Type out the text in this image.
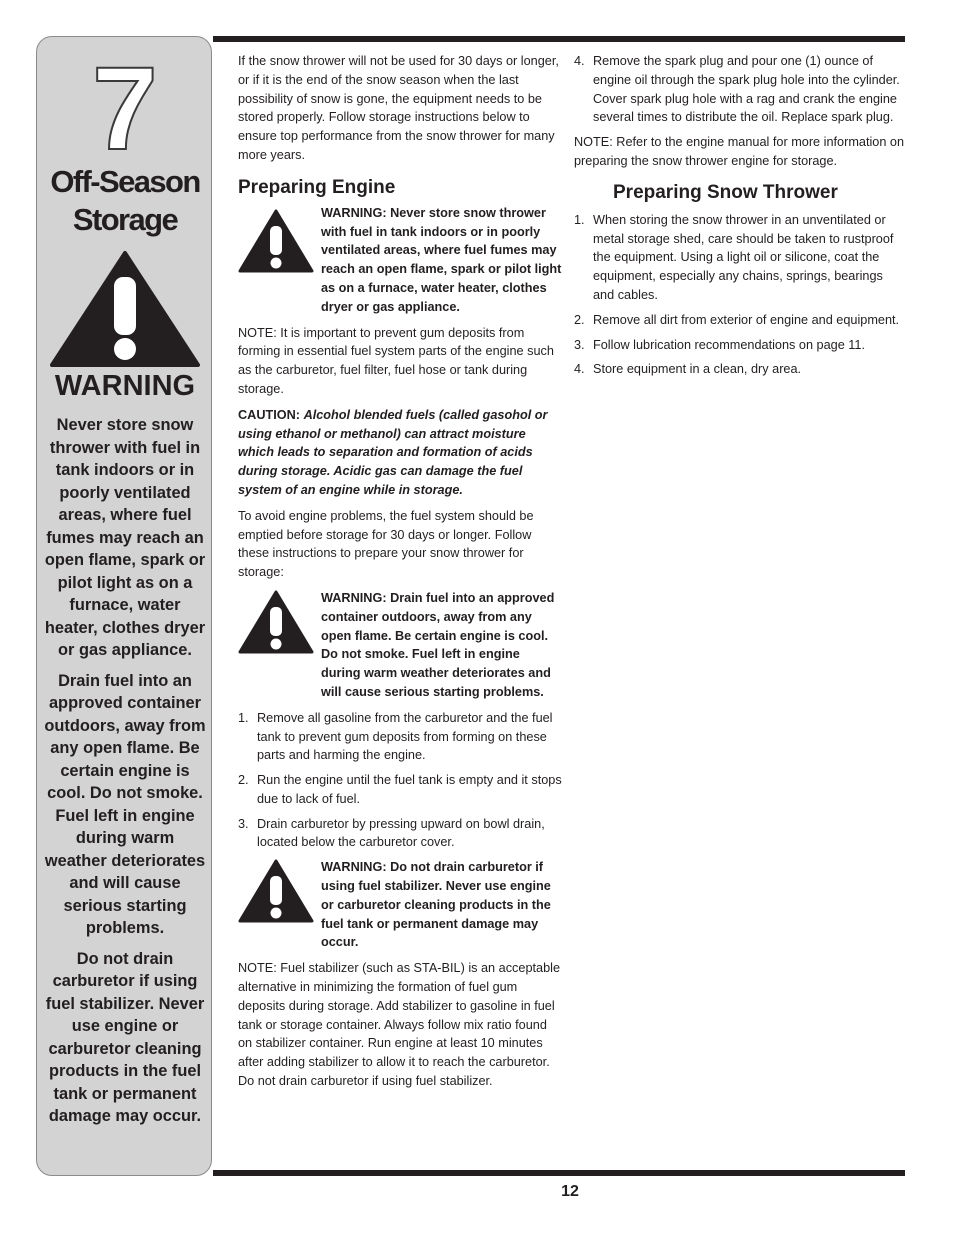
7
Off-Season
Storage
WARNING

Never store snow thrower with fuel in tank indoors or in poorly ventilated areas, where fuel fumes may reach an open flame, spark or pilot light as on a furnace, water heater, clothes dryer or gas appliance.

Drain fuel into an approved container outdoors, away from any open flame. Be certain engine is cool. Do not smoke. Fuel left in engine during warm weather deteriorates and will cause serious starting problems.

Do not drain carburetor if using fuel stabilizer. Never use engine or carburetor cleaning products in the fuel tank or permanent damage may occur.

If the snow thrower will not be used for 30 days or longer, or if it is the end of the snow season when the last possibility of snow is gone, the equipment needs to be stored properly. Follow storage instructions below to ensure top performance from the snow thrower for many more years.

Preparing Engine
WARNING: Never store snow thrower with fuel in tank indoors or in poorly ventilated areas, where fuel fumes may reach an open flame, spark or pilot light as on a furnace, water heater, clothes dryer or gas appliance.

NOTE: It is important to prevent gum deposits from forming in essential fuel system parts of the engine such as the carburetor, fuel filter, fuel hose or tank during storage.

CAUTION: Alcohol blended fuels (called gasohol or using ethanol or methanol) can attract moisture which leads to separation and formation of acids during storage. Acidic gas can damage the fuel system of an engine while in storage.

To avoid engine problems, the fuel system should be emptied before storage for 30 days or longer. Follow these instructions to prepare your snow thrower for storage:

WARNING: Drain fuel into an approved container outdoors, away from any open flame. Be certain engine is cool. Do not smoke. Fuel left in engine during warm weather deteriorates and will cause serious starting problems.
1. Remove all gasoline from the carburetor and the fuel tank to prevent gum deposits from forming on these parts and harming the engine.
2. Run the engine until the fuel tank is empty and it stops due to lack of fuel.
3. Drain carburetor by pressing upward on bowl drain, located below the carburetor cover.
WARNING: Do not drain carburetor if using fuel stabilizer. Never use engine or carburetor cleaning products in the fuel tank or permanent damage may occur.

NOTE: Fuel stabilizer (such as STA-BIL) is an acceptable alternative in minimizing the formation of fuel gum deposits during storage. Add stabilizer to gasoline in fuel tank or storage container. Always follow mix ratio found on stabilizer container. Run engine at least 10 minutes after adding stabilizer to allow it to reach the carburetor. Do not drain carburetor if using fuel stabilizer.

4. Remove the spark plug and pour one (1) ounce of engine oil through the spark plug hole into the cylinder. Cover spark plug hole with a rag and crank the engine several times to distribute the oil. Replace spark plug.

NOTE: Refer to the engine manual for more information on preparing the snow thrower engine for storage.

Preparing Snow Thrower
1. When storing the snow thrower in an unventilated or metal storage shed, care should be taken to rustproof the equipment. Using a light oil or silicone, coat the equipment, especially any chains, springs, bearings and cables.
2. Remove all dirt from exterior of engine and equipment.
3. Follow lubrication recommendations on page 11.
4. Store equipment in a clean, dry area.
12
